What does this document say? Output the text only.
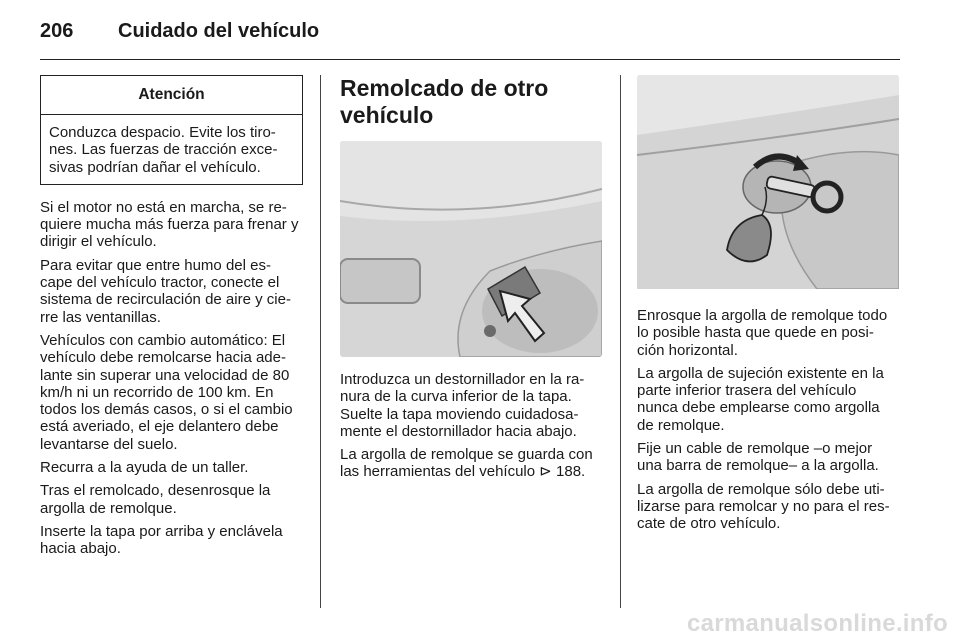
206 Cuidado del vehículo
Atención
Conduzca despacio. Evite los tiro-nes. Las fuerzas de tracción exce-sivas podrían dañar el vehículo.

Si el motor no está en marcha, se re-quiere mucha más fuerza para frenar y dirigir el vehículo.

Para evitar que entre humo del es-cape del vehículo tractor, conecte el sistema de recirculación de aire y cie-rre las ventanillas.

Vehículos con cambio automático: El vehículo debe remolcarse hacia ade-lante sin superar una velocidad de 80 km/h ni un recorrido de 100 km. En todos los demás casos, o si el cambio está averiado, el eje delantero debe levantarse del suelo.

Recurra a la ayuda de un taller.

Tras el remolcado, desenrosque la argolla de remolque.

Inserte la tapa por arriba y enclávela hacia abajo.

Remolcado de otro vehículo

Introduzca un destornillador en la ra-nura de la curva inferior de la tapa. Suelte la tapa moviendo cuidadosa-mente el destornillador hacia abajo.

La argolla de remolque se guarda con las herramientas del vehículo ⊳ 188.

Enrosque la argolla de remolque todo lo posible hasta que quede en posi-ción horizontal.

La argolla de sujeción existente en la parte inferior trasera del vehículo nunca debe emplearse como argolla de remolque.

Fije un cable de remolque –o mejor una barra de remolque– a la argolla.

La argolla de remolque sólo debe uti-lizarse para remolcar y no para el res-cate de otro vehículo.

carmanualsonline.info
